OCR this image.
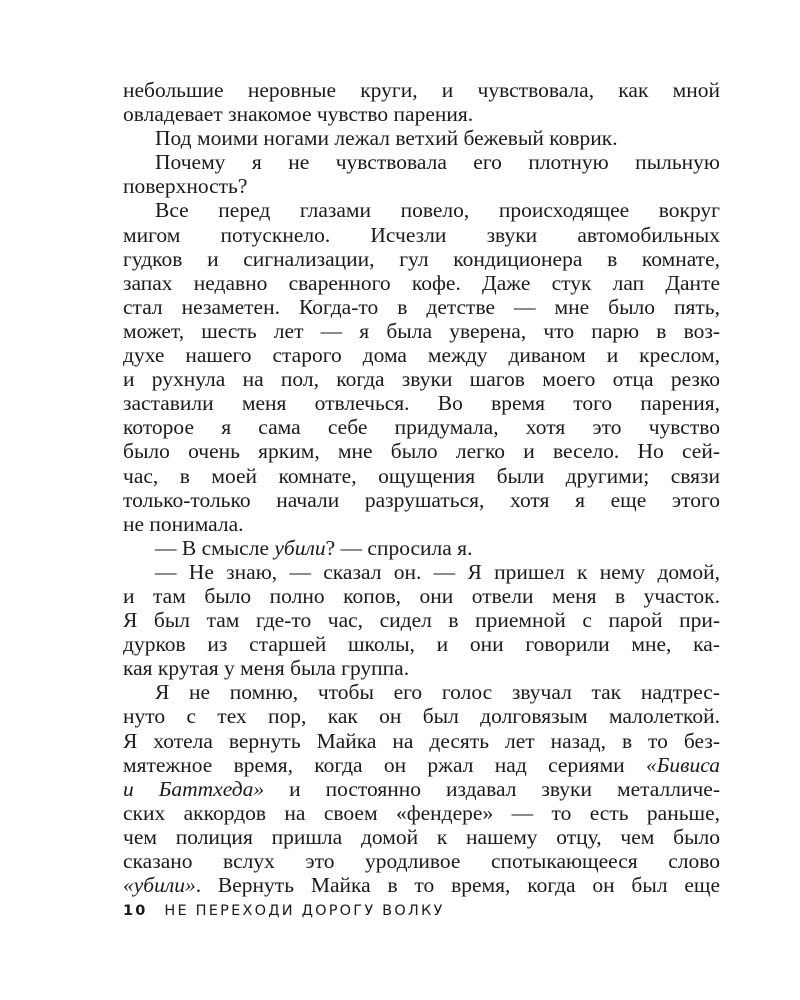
небольшие неровные круги, и чувствовала, как мной
овладевает знакомое чувство парения.
Под моими ногами лежал ветхий бежевый коврик.
Почему я не чувствовала его плотную пыльную
поверхность?
Все перед глазами повело, происходящее вокруг
мигом потускнело. Исчезли звуки автомобильных
гудков и сигнализации, гул кондиционера в комнате,
запах недавно сваренного кофе. Даже стук лап Данте
стал незаметен. Когда-то в детстве — мне было пять,
может, шесть лет — я была уверена, что парю в воз-
духе нашего старого дома между диваном и креслом,
и рухнула на пол, когда звуки шагов моего отца резко
заставили меня отвлечься. Во время того парения,
которое я сама себе придумала, хотя это чувство
было очень ярким, мне было легко и весело. Но сей-
час, в моей комнате, ощущения были другими; связи
только-только начали разрушаться, хотя я еще этого
не понимала.
— В смысле убили? — спросила я.
— Не знаю, — сказал он. — Я пришел к нему домой,
и там было полно копов, они отвели меня в участок.
Я был там где-то час, сидел в приемной с парой при-
дурков из старшей школы, и они говорили мне, ка-
кая крутая у меня была группа.
Я не помню, чтобы его голос звучал так надтрес-
нуто с тех пор, как он был долговязым малолеткой.
Я хотела вернуть Майка на десять лет назад, в то без-
мятежное время, когда он ржал над сериями «Бивиса
и Баттхеда» и постоянно издавал звуки металличе-
ских аккордов на своем «фендере» — то есть раньше,
чем полиция пришла домой к нашему отцу, чем было
сказано вслух это уродливое спотыкающееся слово
«убили». Вернуть Майка в то время, когда он был еще
10 НЕ ПЕРЕХОДИ ДОРОГУ ВОЛКУ
